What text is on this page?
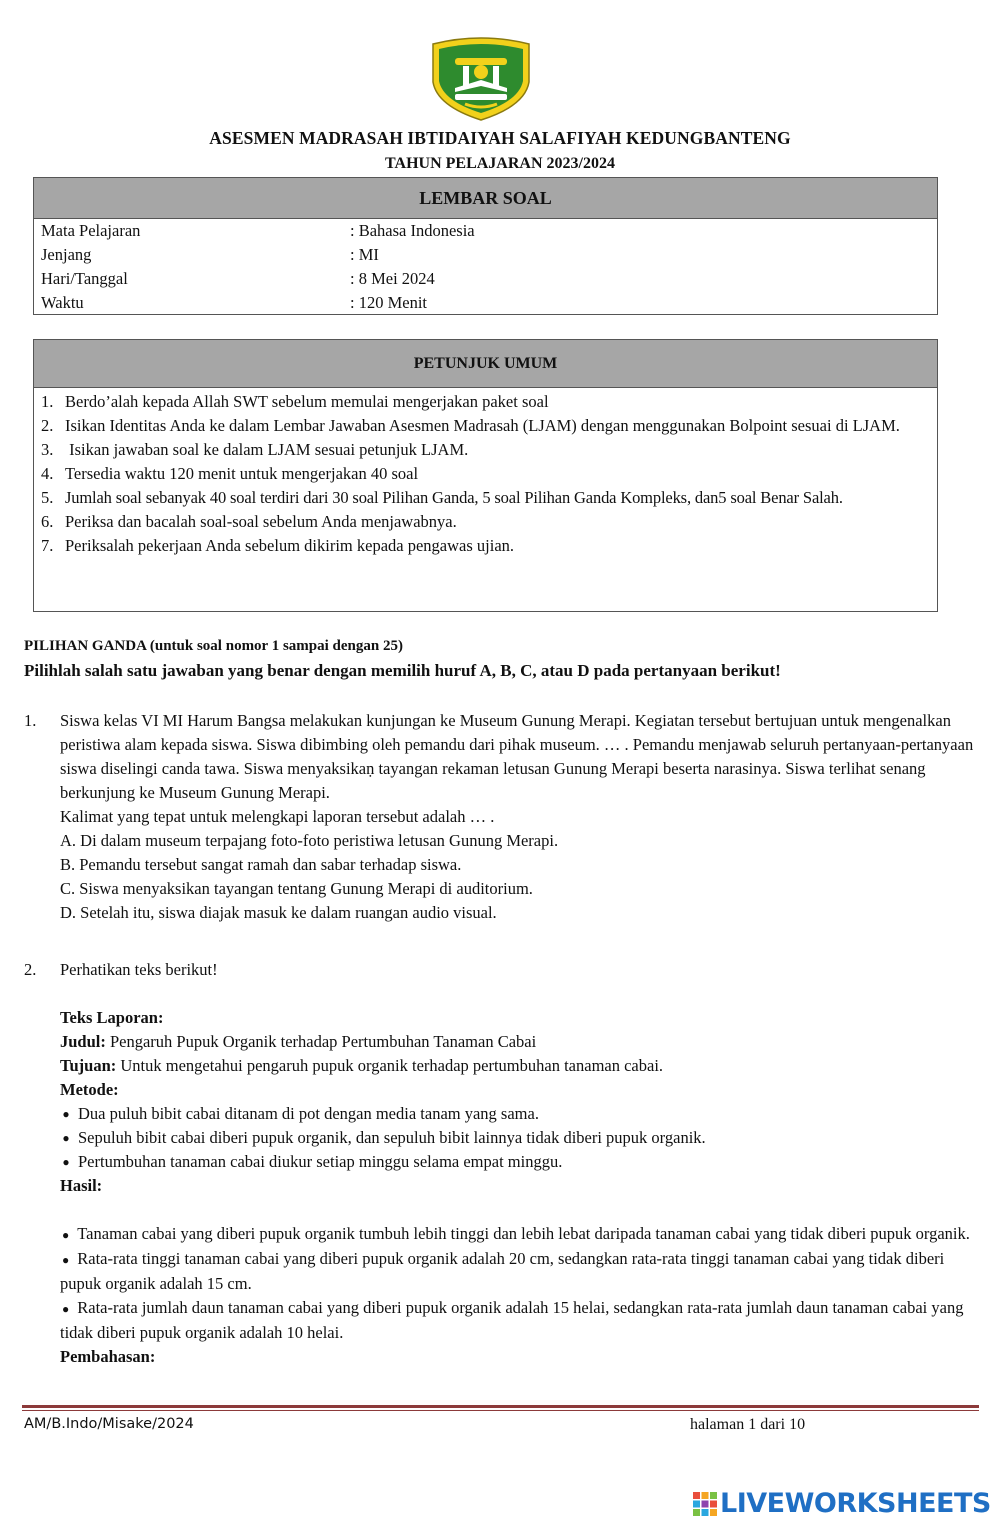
ASESMEN MADRASAH IBTIDAIYAH SALAFIYAH KEDUNGBANTENG
TAHUN PELAJARAN 2023/2024
LEMBAR SOAL
Mata Pelajaran	: Bahasa Indonesia
Jenjang	: MI
Hari/Tanggal	: 8 Mei 2024
Waktu	: 120 Menit
PETUNJUK UMUM
1. Berdo’alah kepada Allah SWT sebelum memulai mengerjakan paket soal
2. Isikan Identitas Anda ke dalam Lembar Jawaban Asesmen Madrasah (LJAM) dengan menggunakan Bolpoint sesuai di LJAM.
3. Isikan jawaban soal ke dalam LJAM sesuai petunjuk LJAM.
4. Tersedia waktu 120 menit untuk mengerjakan 40 soal
5. Jumlah soal sebanyak 40 soal terdiri dari 30 soal Pilihan Ganda, 5 soal Pilihan Ganda Kompleks, dan5 soal Benar Salah.
6. Periksa dan bacalah soal-soal sebelum Anda menjawabnya.
7. Periksalah pekerjaan Anda sebelum dikirim kepada pengawas ujian.
PILIHAN GANDA (untuk soal nomor 1 sampai dengan 25)
Pilihlah salah satu jawaban yang benar dengan memilih huruf A, B, C, atau D pada pertanyaan berikut!
1. Siswa kelas VI MI Harum Bangsa melakukan kunjungan ke Museum Gunung Merapi. Kegiatan tersebut bertujuan untuk mengenalkan peristiwa alam kepada siswa. Siswa dibimbing oleh pemandu dari pihak museum. … . Pemandu menjawab seluruh pertanyaan-pertanyaan siswa diselingi canda tawa. Siswa menyaksikaṇ tayangan rekaman letusan Gunung Merapi beserta narasinya. Siswa terlihat senang berkunjung ke Museum Gunung Merapi.
Kalimat yang tepat untuk melengkapi laporan tersebut adalah … .
A. Di dalam museum terpajang foto-foto peristiwa letusan Gunung Merapi.
B. Pemandu tersebut sangat ramah dan sabar terhadap siswa.
C. Siswa menyaksikan tayangan tentang Gunung Merapi di auditorium.
D. Setelah itu, siswa diajak masuk ke dalam ruangan audio visual.
2. Perhatikan teks berikut!
Teks Laporan:
Judul: Pengaruh Pupuk Organik terhadap Pertumbuhan Tanaman Cabai
Tujuan: Untuk mengetahui pengaruh pupuk organik terhadap pertumbuhan tanaman cabai.
Metode:
● Dua puluh bibit cabai ditanam di pot dengan media tanam yang sama.
● Sepuluh bibit cabai diberi pupuk organik, dan sepuluh bibit lainnya tidak diberi pupuk organik.
● Pertumbuhan tanaman cabai diukur setiap minggu selama empat minggu.
Hasil:
● Tanaman cabai yang diberi pupuk organik tumbuh lebih tinggi dan lebih lebat daripada tanaman cabai yang tidak diberi pupuk organik.
● Rata-rata tinggi tanaman cabai yang diberi pupuk organik adalah 20 cm, sedangkan rata-rata tinggi tanaman cabai yang tidak diberi pupuk organik adalah 15 cm.
● Rata-rata jumlah daun tanaman cabai yang diberi pupuk organik adalah 15 helai, sedangkan rata-rata jumlah daun tanaman cabai yang tidak diberi pupuk organik adalah 10 helai.
Pembahasan:
AM/B.Indo/Misake/2024	halaman 1 dari 10
LIVEWORKSHEETS
